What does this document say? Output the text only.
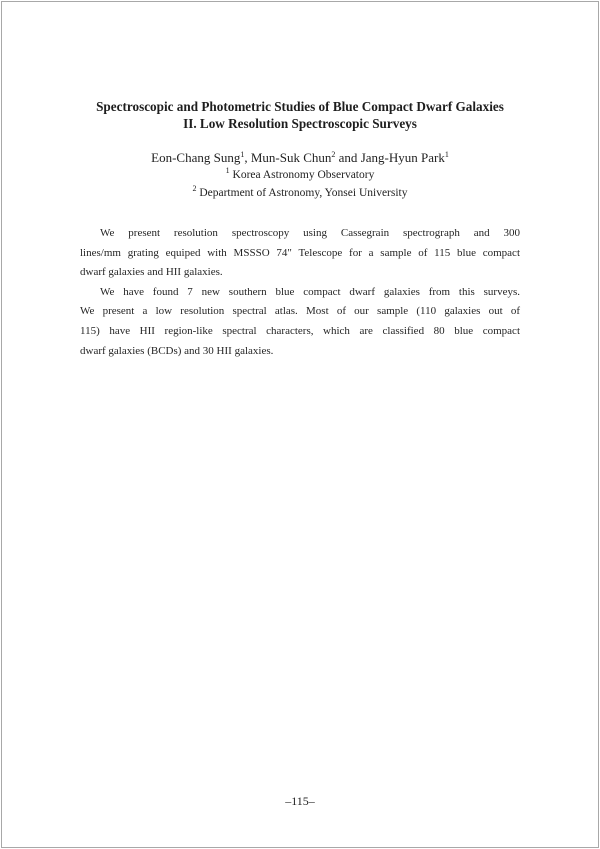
Spectroscopic and Photometric Studies of Blue Compact Dwarf Galaxies
II. Low Resolution Spectroscopic Surveys
Eon-Chang Sung$^1$, Mun-Suk Chun$^2$ and Jang-Hyun Park$^1$
$^1$ Korea Astronomy Observatory
$^2$ Department of Astronomy, Yonsei University

We present resolution spectroscopy using Cassegrain spectrograph and 300

lines/mm grating equiped with MSSSO 74" Telescope for a sample of 115 blue compact

dwarf galaxies and HII galaxies.

We have found 7 new southern blue compact dwarf galaxies from this surveys.

We present a low resolution spectral atlas. Most of our sample (110 galaxies out of

115) have HII region-like spectral characters, which are classified 80 blue compact

dwarf galaxies (BCDs) and 30 HII galaxies.

–115–
